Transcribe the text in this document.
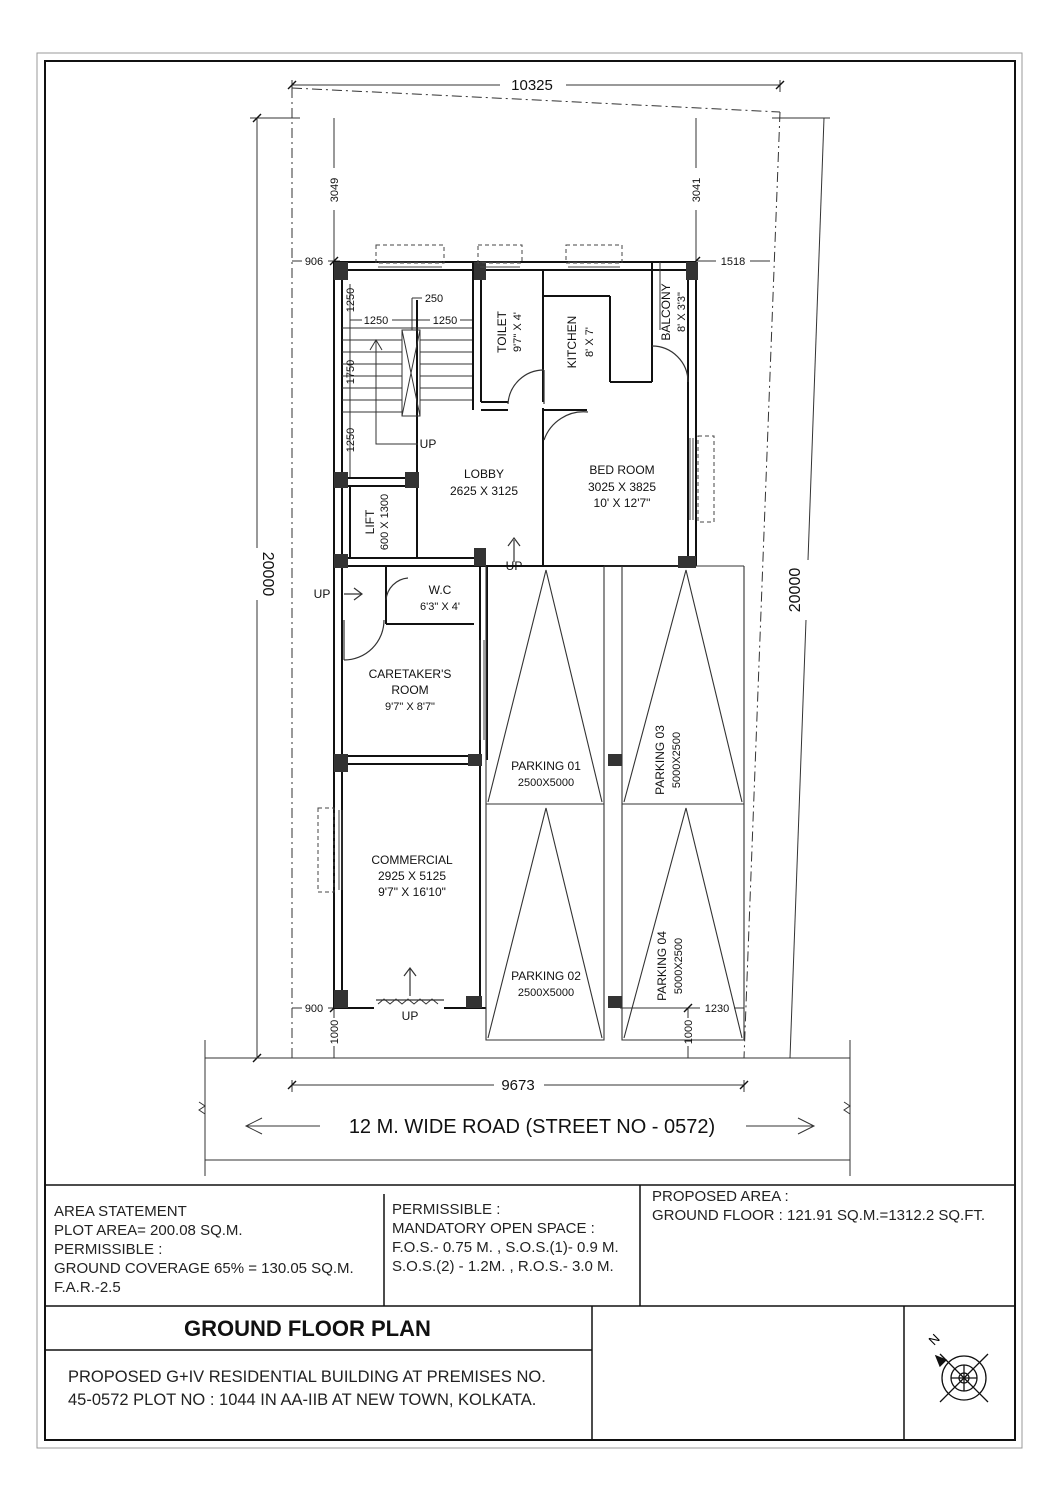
10325
9673
20000	20000
3049	3041
906	1518
900	1230
1000	1000
1250
1250	1250
1750
1250
250
TOILET 9'7" X 4'	KITCHEN 8' X 7'
BALCONY 8' X 3'3"
UP
LOBBY
2625 X 3125
BED ROOM
3025 X 3825
10' X 12'7"
LIFT 600 X 1300
UP
UP	W.C
6'3" X 4'
CARETAKER'S
ROOM
9'7" X 8'7"
COMMERCIAL
2925 X 5125
9'7" X 16'10"
UP
PARKING 01
2500X5000
PARKING 02
2500X5000
PARKING 03 5000X2500
PARKING 04 5000X2500
12 M. WIDE ROAD (STREET NO - 0572)
N
AREA STATEMENT
PLOT AREA= 200.08 SQ.M.
PERMISSIBLE :
GROUND COVERAGE 65% = 130.05 SQ.M.
F.A.R.-2.5
PERMISSIBLE :
MANDATORY OPEN SPACE :
F.O.S.- 0.75 M. , S.O.S.(1)- 0.9 M.
S.O.S.(2) - 1.2M. , R.O.S.- 3.0 M.
PROPOSED AREA :
GROUND FLOOR : 121.91 SQ.M.=1312.2 SQ.FT.
GROUND FLOOR PLAN
PROPOSED G+IV RESIDENTIAL BUILDING AT PREMISES NO.
45-0572 PLOT NO : 1044 IN AA-IIB AT NEW TOWN, KOLKATA.
